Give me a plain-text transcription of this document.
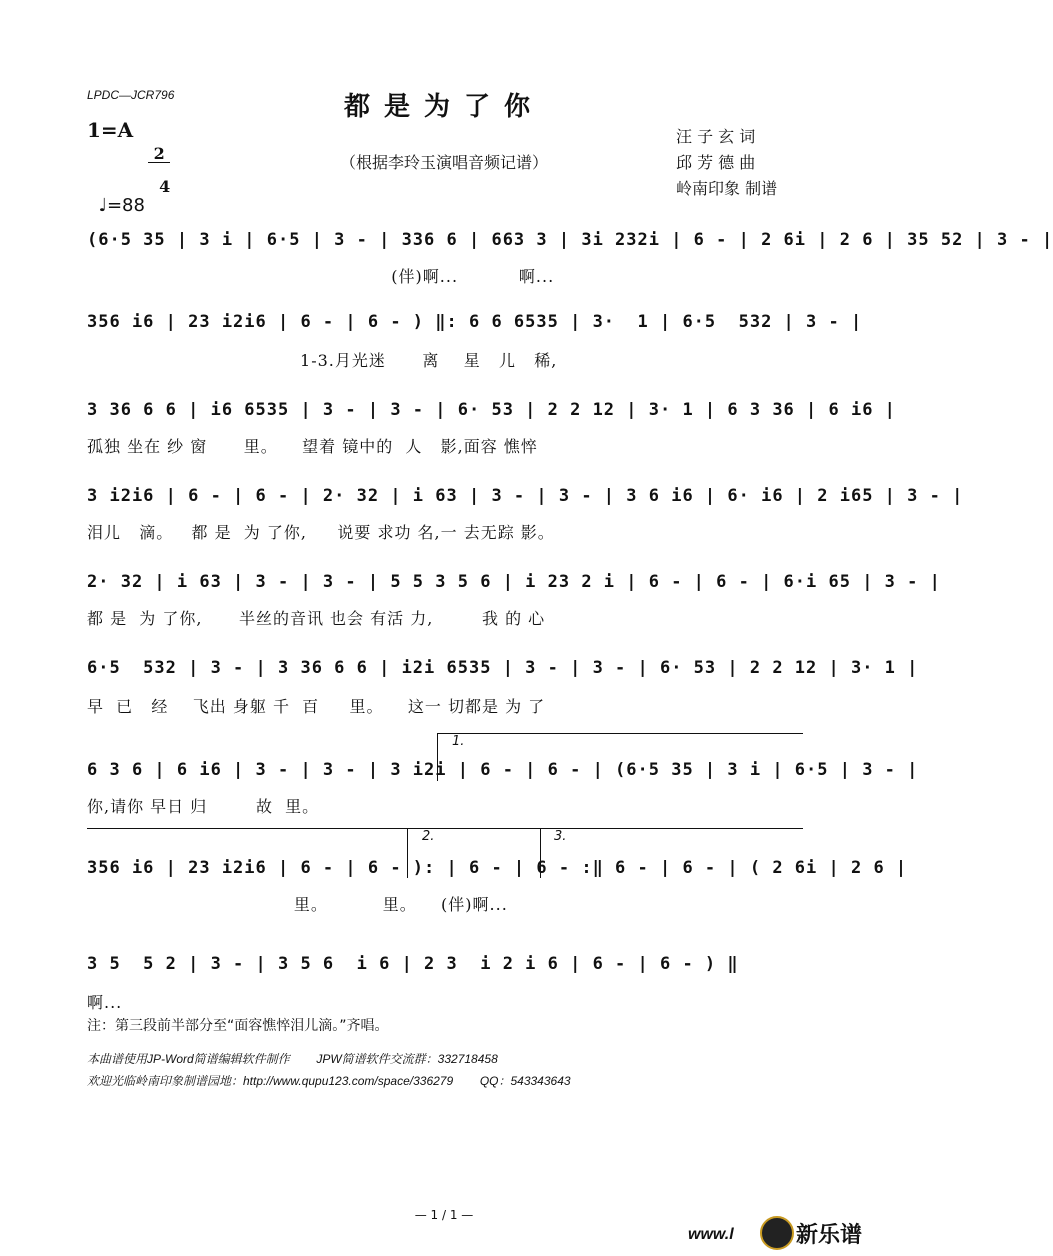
LPDC—JCR796	都是为了你
（根据李玲玉演唱音频记谱）
1=A

2

4

♩=88

汪 子 玄 词
邱 芳 德 曲
岭南印象 制谱
(6·5 35 | 3 i | 6·5 | 3 - | 336 6 | 663 3 | 3i 232i | 6 - | 2 6i | 2 6 | 35 52 | 3 - |
(伴)啊...          啊...
356 i6 | 23 i2i6 | 6 - | 6 - ) ‖: 6 6 6535 | 3·  1 | 6·5  532 | 3 - |
1-3.月光迷      离    星   儿   稀,
3 36 6 6 | i6 6535 | 3 - | 3 - | 6· 53 | 2 2 12 | 3· 1 | 6 3 36 | 6 i6 |
孤独 坐在 纱 窗      里。    望着 镜中的  人   影,面容 憔悴
3 i2i6 | 6 - | 6 - | 2· 32 | i 63 | 3 - | 3 - | 3 6 i6 | 6· i6 | 2 i65 | 3 - |
泪儿   滴。   都 是  为 了你,     说要 求功 名,一 去无踪 影。
2· 32 | i 63 | 3 - | 3 - | 5 5 3 5 6 | i 23 2 i | 6 - | 6 - | 6·i 65 | 3 - |
都 是  为 了你,      半丝的音讯 也会 有活 力,        我 的 心
6·5  532 | 3 - | 3 36 6 6 | i2i 6535 | 3 - | 3 - | 6· 53 | 2 2 12 | 3· 1 |
早  已   经    飞出 身躯 千  百     里。    这一 切都是 为 了
1.
6 3 6 | 6 i6 | 3 - | 3 - | 3 i2i | 6 - | 6 - | (6·5 35 | 3 i | 6·5 | 3 - |
你,请你 早日 归        故  里。
2.	3.
356 i6 | 23 i2i6 | 6 - | 6 - ): | 6 - | 6 - :‖ 6 - | 6 - | ( 2 6i | 2 6 |
里。         里。    (伴)啊...
3 5  5 2 | 3 - | 3 5 6  i 6 | 2 3  i 2 i 6 | 6 - | 6 - ) ‖
啊...
注：第三段前半部分至“面容憔悴泪儿滴。”齐唱。
本曲谱使用JP-Word简谱编辑软件制作        JPW简谱软件交流群：332718458
欢迎光临岭南印象制谱园地：http://www.qupu123.com/space/336279        QQ：543343643
— 1 / 1 —
www.l	新乐谱
